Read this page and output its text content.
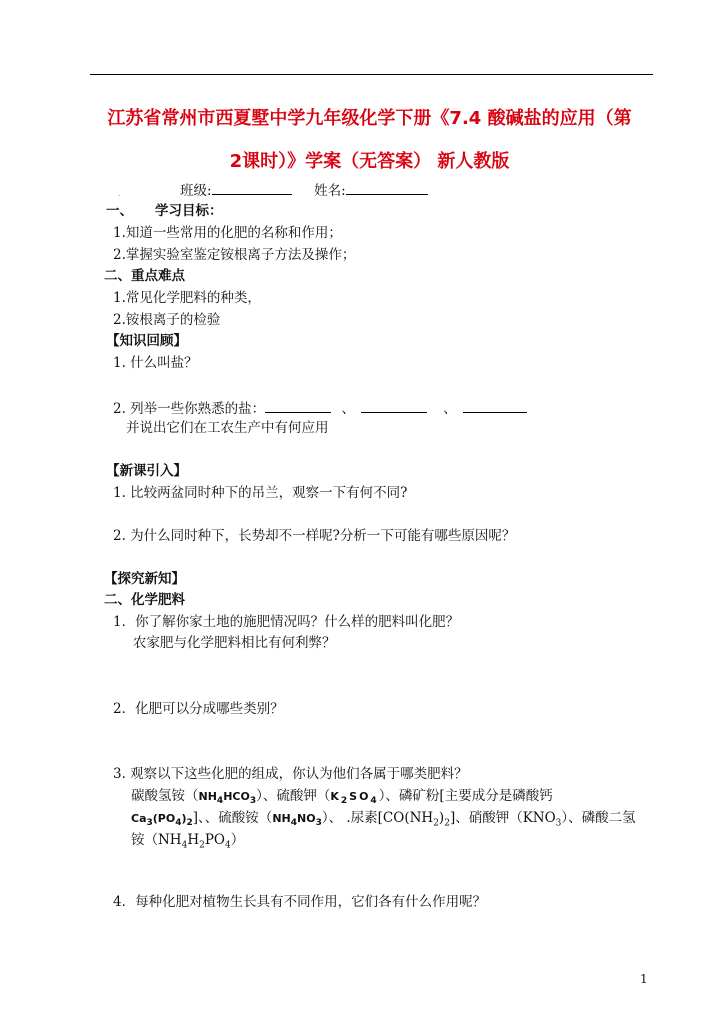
江苏省常州市西夏墅中学九年级化学下册《7.4 酸碱盐的应用（第
2课时）》学案（无答案） 新人教版
.	班级:	姓名:
一、 学习目标：
1.知道一些常用的化肥的名称和作用；
2.掌握实验室鉴定铵根离子方法及操作；
二、重点难点
1.常见化学肥料的种类，
2.铵根离子的检验
【知识回顾】
1. 什么叫盐？
2. 列举一些你熟悉的盐：	、	、
并说出它们在工农生产中有何应用
【新课引入】
1. 比较两盆同时种下的吊兰，观察一下有何不同?
2. 为什么同时种下，长势却不一样呢?分析一下可能有哪些原因呢？
【探究新知】
二、化学肥料
1．你了解你家土地的施肥情况吗？什么样的肥料叫化肥？
农家肥与化学肥料相比有何利弊？
2．化肥可以分成哪些类别？
3. 观察以下这些化肥的组成，你认为他们各属于哪类肥料？
碳酸氢铵$(NH_4HCO_3)$、硫酸钾$(K_2SO_4)$、磷矿粉[主要成分是磷酸钙
$Ca_3(PO_4)_2$]、、硫酸铵$(NH_4NO_3)$、 .尿素$[CO(NH_2)_2]$、硝酸钾$(KNO_3)$、磷酸二氢
铵$(NH_4H_2PO_4)$
4．每种化肥对植物生长具有不同作用，它们各有什么作用呢？
1
